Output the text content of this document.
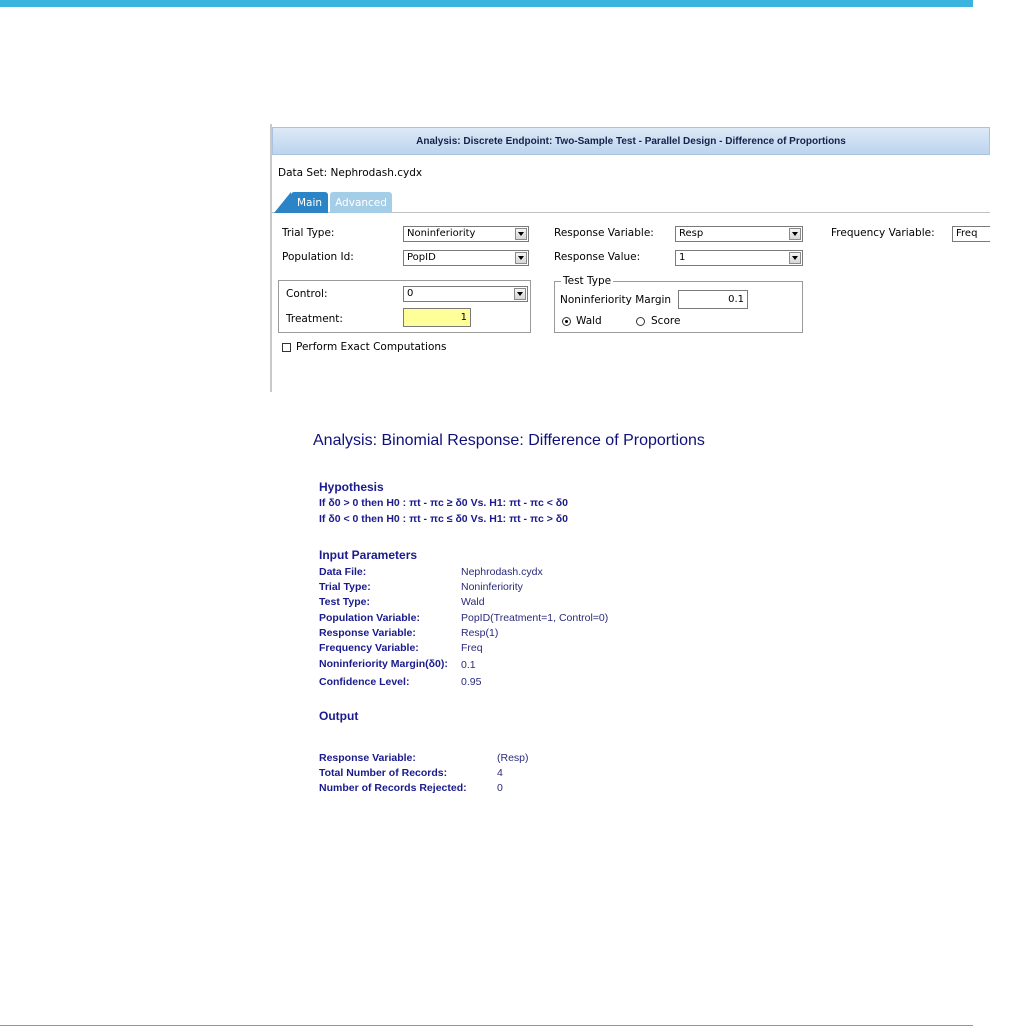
Analysis: Discrete Endpoint: Two-Sample Test - Parallel Design - Difference of Proportions
Data Set: Nephrodash.cydx
Main	Advanced
Trial Type:	Noninferiority
Population Id:	PopID
Control:	0
Treatment:	1
Perform Exact Computations
Response Variable:	Resp
Response Value:	1
Test Type
Noninferiority Margin	0.1
Wald	Score
Frequency Variable:	Freq
Analysis: Binomial Response: Difference of Proportions
Hypothesis
If δ0 > 0 then H0 : πt - πc ≥ δ0 Vs. H1: πt - πc < δ0
If δ0 < 0 then H0 : πt - πc ≤ δ0 Vs. H1: πt - πc > δ0
Input Parameters
Data File:	Nephrodash.cydx
Trial Type:	Noninferiority
Test Type:	Wald
Population Variable:	PopID(Treatment=1, Control=0)
Response Variable:	Resp(1)
Frequency Variable:	Freq
Noninferiority Margin(δ0): 0.1
Confidence Level:	0.95
Output
Response Variable:	(Resp)
Total Number of Records:	4
Number of Records Rejected:	0
